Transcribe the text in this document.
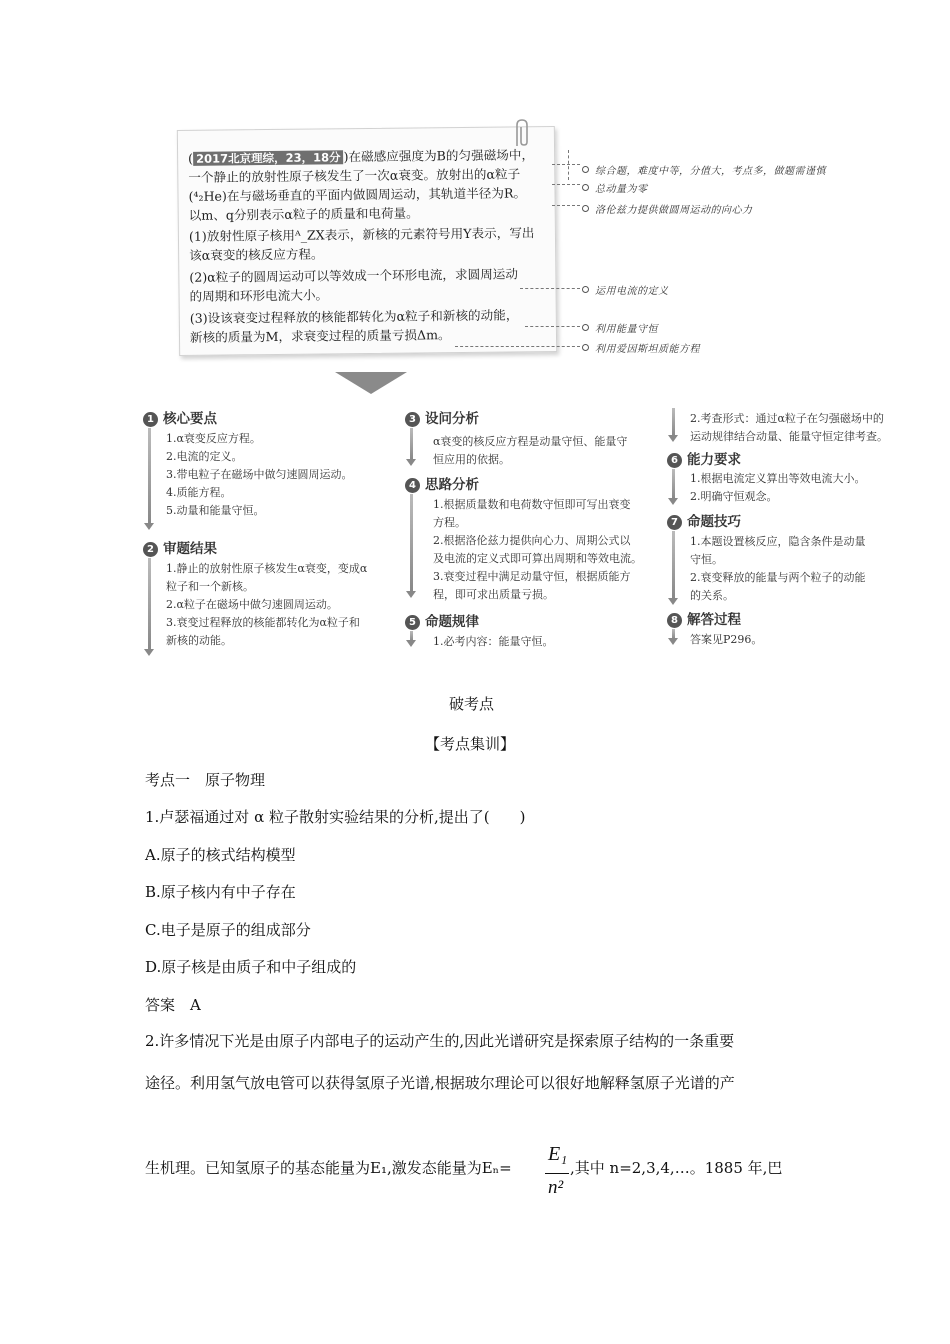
( 2017北京理综，23，18分 )在磁感应强度为B的匀强磁场中，
一个静止的放射性原子核发生了一次α衰变。放射出的α粒子
(⁴₂He)在与磁场垂直的平面内做圆周运动，其轨道半径为R。
以m、q分别表示α粒子的质量和电荷量。
(1)放射性原子核用ᴬ_ZX表示，新核的元素符号用Y表示，写出
该α衰变的核反应方程。
(2)α粒子的圆周运动可以等效成一个环形电流，求圆周运动
的周期和环形电流大小。
(3)设该衰变过程释放的核能都转化为α粒子和新核的动能，
新核的质量为M，求衰变过程的质量亏损Δm。
综合题，难度中等，分值大，考点多，做题需谨慎
总动量为零
洛伦兹力提供做圆周运动的向心力
运用电流的定义
利用能量守恒
利用爱因斯坦质能方程
1 核心要点
1.α衰变反应方程。
2.电流的定义。
3.带电粒子在磁场中做匀速圆周运动。
4.质能方程。
5.动量和能量守恒。
2 审题结果
1.静止的放射性原子核发生α衰变，变成α
粒子和一个新核。
2.α粒子在磁场中做匀速圆周运动。
3.衰变过程释放的核能都转化为α粒子和
新核的动能。
3 设问分析
α衰变的核反应方程是动量守恒、能量守
恒应用的依据。
4 思路分析
1.根据质量数和电荷数守恒即可写出衰变
方程。
2.根据洛伦兹力提供向心力、周期公式以
及电流的定义式即可算出周期和等效电流。
3.衰变过程中满足动量守恒，根据质能方
程，即可求出质量亏损。
5 命题规律
1.必考内容：能量守恒。
2.考查形式：通过α粒子在匀强磁场中的
运动规律结合动量、能量守恒定律考查。
6 能力要求
1.根据电流定义算出等效电流大小。
2.明确守恒观念。
7 命题技巧
1.本题设置核反应，隐含条件是动量
守恒。
2.衰变释放的能量与两个粒子的动能
的关系。
8 解答过程
答案见P296。
破考点
【考点集训】
考点一　原子物理
1.卢瑟福通过对 α 粒子散射实验结果的分析,提出了(　　)
A.原子的核式结构模型
B.原子核内有中子存在
C.电子是原子的组成部分
D.原子核是由质子和中子组成的
答案　A
2.许多情况下光是由原子内部电子的运动产生的,因此光谱研究是探索原子结构的一条重要
途径。利用氢气放电管可以获得氢原子光谱,根据玻尔理论可以很好地解释氢原子光谱的产
生机理。已知氢原子的基态能量为E₁,激发态能量为Eₙ=
E₁
n²
,其中 n=2,3,4,…。1885 年,巴
